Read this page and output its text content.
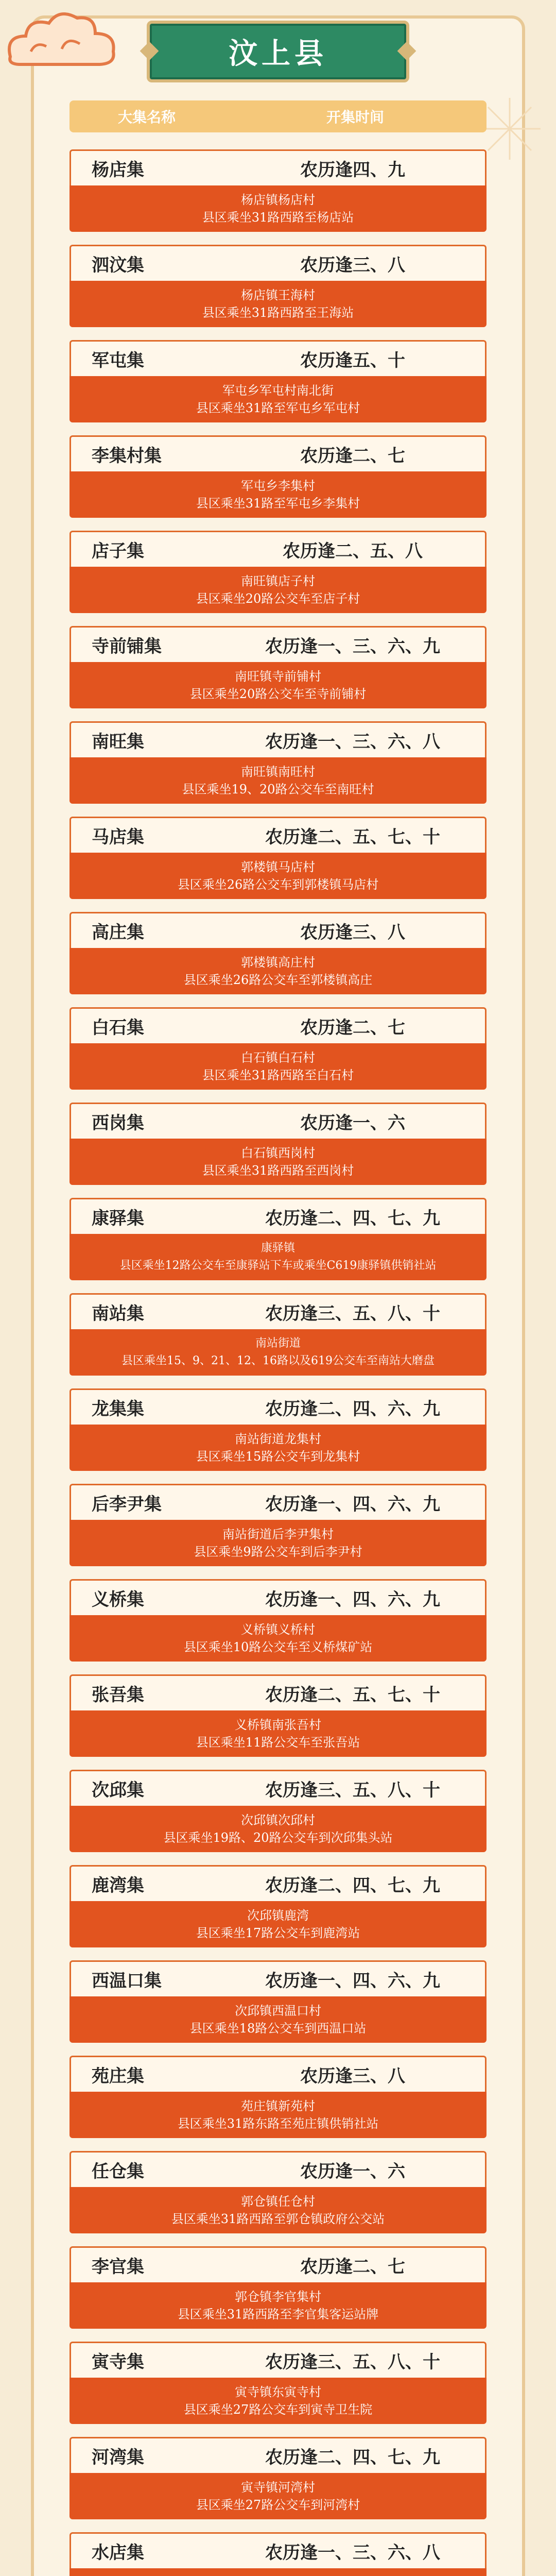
汶上县
大集名称	开集时间
杨店集	农历逢四、九
杨店镇杨店村
县区乘坐31路西路至杨店站
泗汶集	农历逢三、八
杨店镇王海村
县区乘坐31路西路至王海站
军屯集	农历逢五、十
军屯乡军屯村南北街
县区乘坐31路至军屯乡军屯村
李集村集	农历逢二、七
军屯乡李集村
县区乘坐31路至军屯乡李集村
店子集	农历逢二、五、八
南旺镇店子村
县区乘坐20路公交车至店子村
寺前铺集	农历逢一、三、六、九
南旺镇寺前铺村
县区乘坐20路公交车至寺前铺村
南旺集	农历逢一、三、六、八
南旺镇南旺村
县区乘坐19、20路公交车至南旺村
马店集	农历逢二、五、七、十
郭楼镇马店村
县区乘坐26路公交车到郭楼镇马店村
高庄集	农历逢三、八
郭楼镇高庄村
县区乘坐26路公交车至郭楼镇高庄
白石集	农历逢二、七
白石镇白石村
县区乘坐31路西路至白石村
西岗集	农历逢一、六
白石镇西岗村
县区乘坐31路西路至西岗村
康驿集	农历逢二、四、七、九
康驿镇
县区乘坐12路公交车至康驿站下车或乘坐C619康驿镇供销社站
南站集	农历逢三、五、八、十
南站街道
县区乘坐15、9、21、12、16路以及619公交车至南站大磨盘
龙集集	农历逢二、四、六、九
南站街道龙集村
县区乘坐15路公交车到龙集村
后李尹集	农历逢一、四、六、九
南站街道后李尹集村
县区乘坐9路公交车到后李尹村
义桥集	农历逢一、四、六、九
义桥镇义桥村
县区乘坐10路公交车至义桥煤矿站
张吾集	农历逢二、五、七、十
义桥镇南张吾村
县区乘坐11路公交车至张吾站
次邱集	农历逢三、五、八、十
次邱镇次邱村
县区乘坐19路、20路公交车到次邱集头站
鹿湾集	农历逢二、四、七、九
次邱镇鹿湾
县区乘坐17路公交车到鹿湾站
西温口集	农历逢一、四、六、九
次邱镇西温口村
县区乘坐18路公交车到西温口站
苑庄集	农历逢三、八
苑庄镇新苑村
县区乘坐31路东路至苑庄镇供销社站
任仓集	农历逢一、六
郭仓镇任仓村
县区乘坐31路西路至郭仓镇政府公交站
李官集	农历逢二、七
郭仓镇李官集村
县区乘坐31路西路至李官集客运站牌
寅寺集	农历逢三、五、八、十
寅寺镇东寅寺村
县区乘坐27路公交车到寅寺卫生院
河湾集	农历逢二、四、七、九
寅寺镇河湾村
县区乘坐27路公交车到河湾村
水店集	农历逢一、三、六、八
